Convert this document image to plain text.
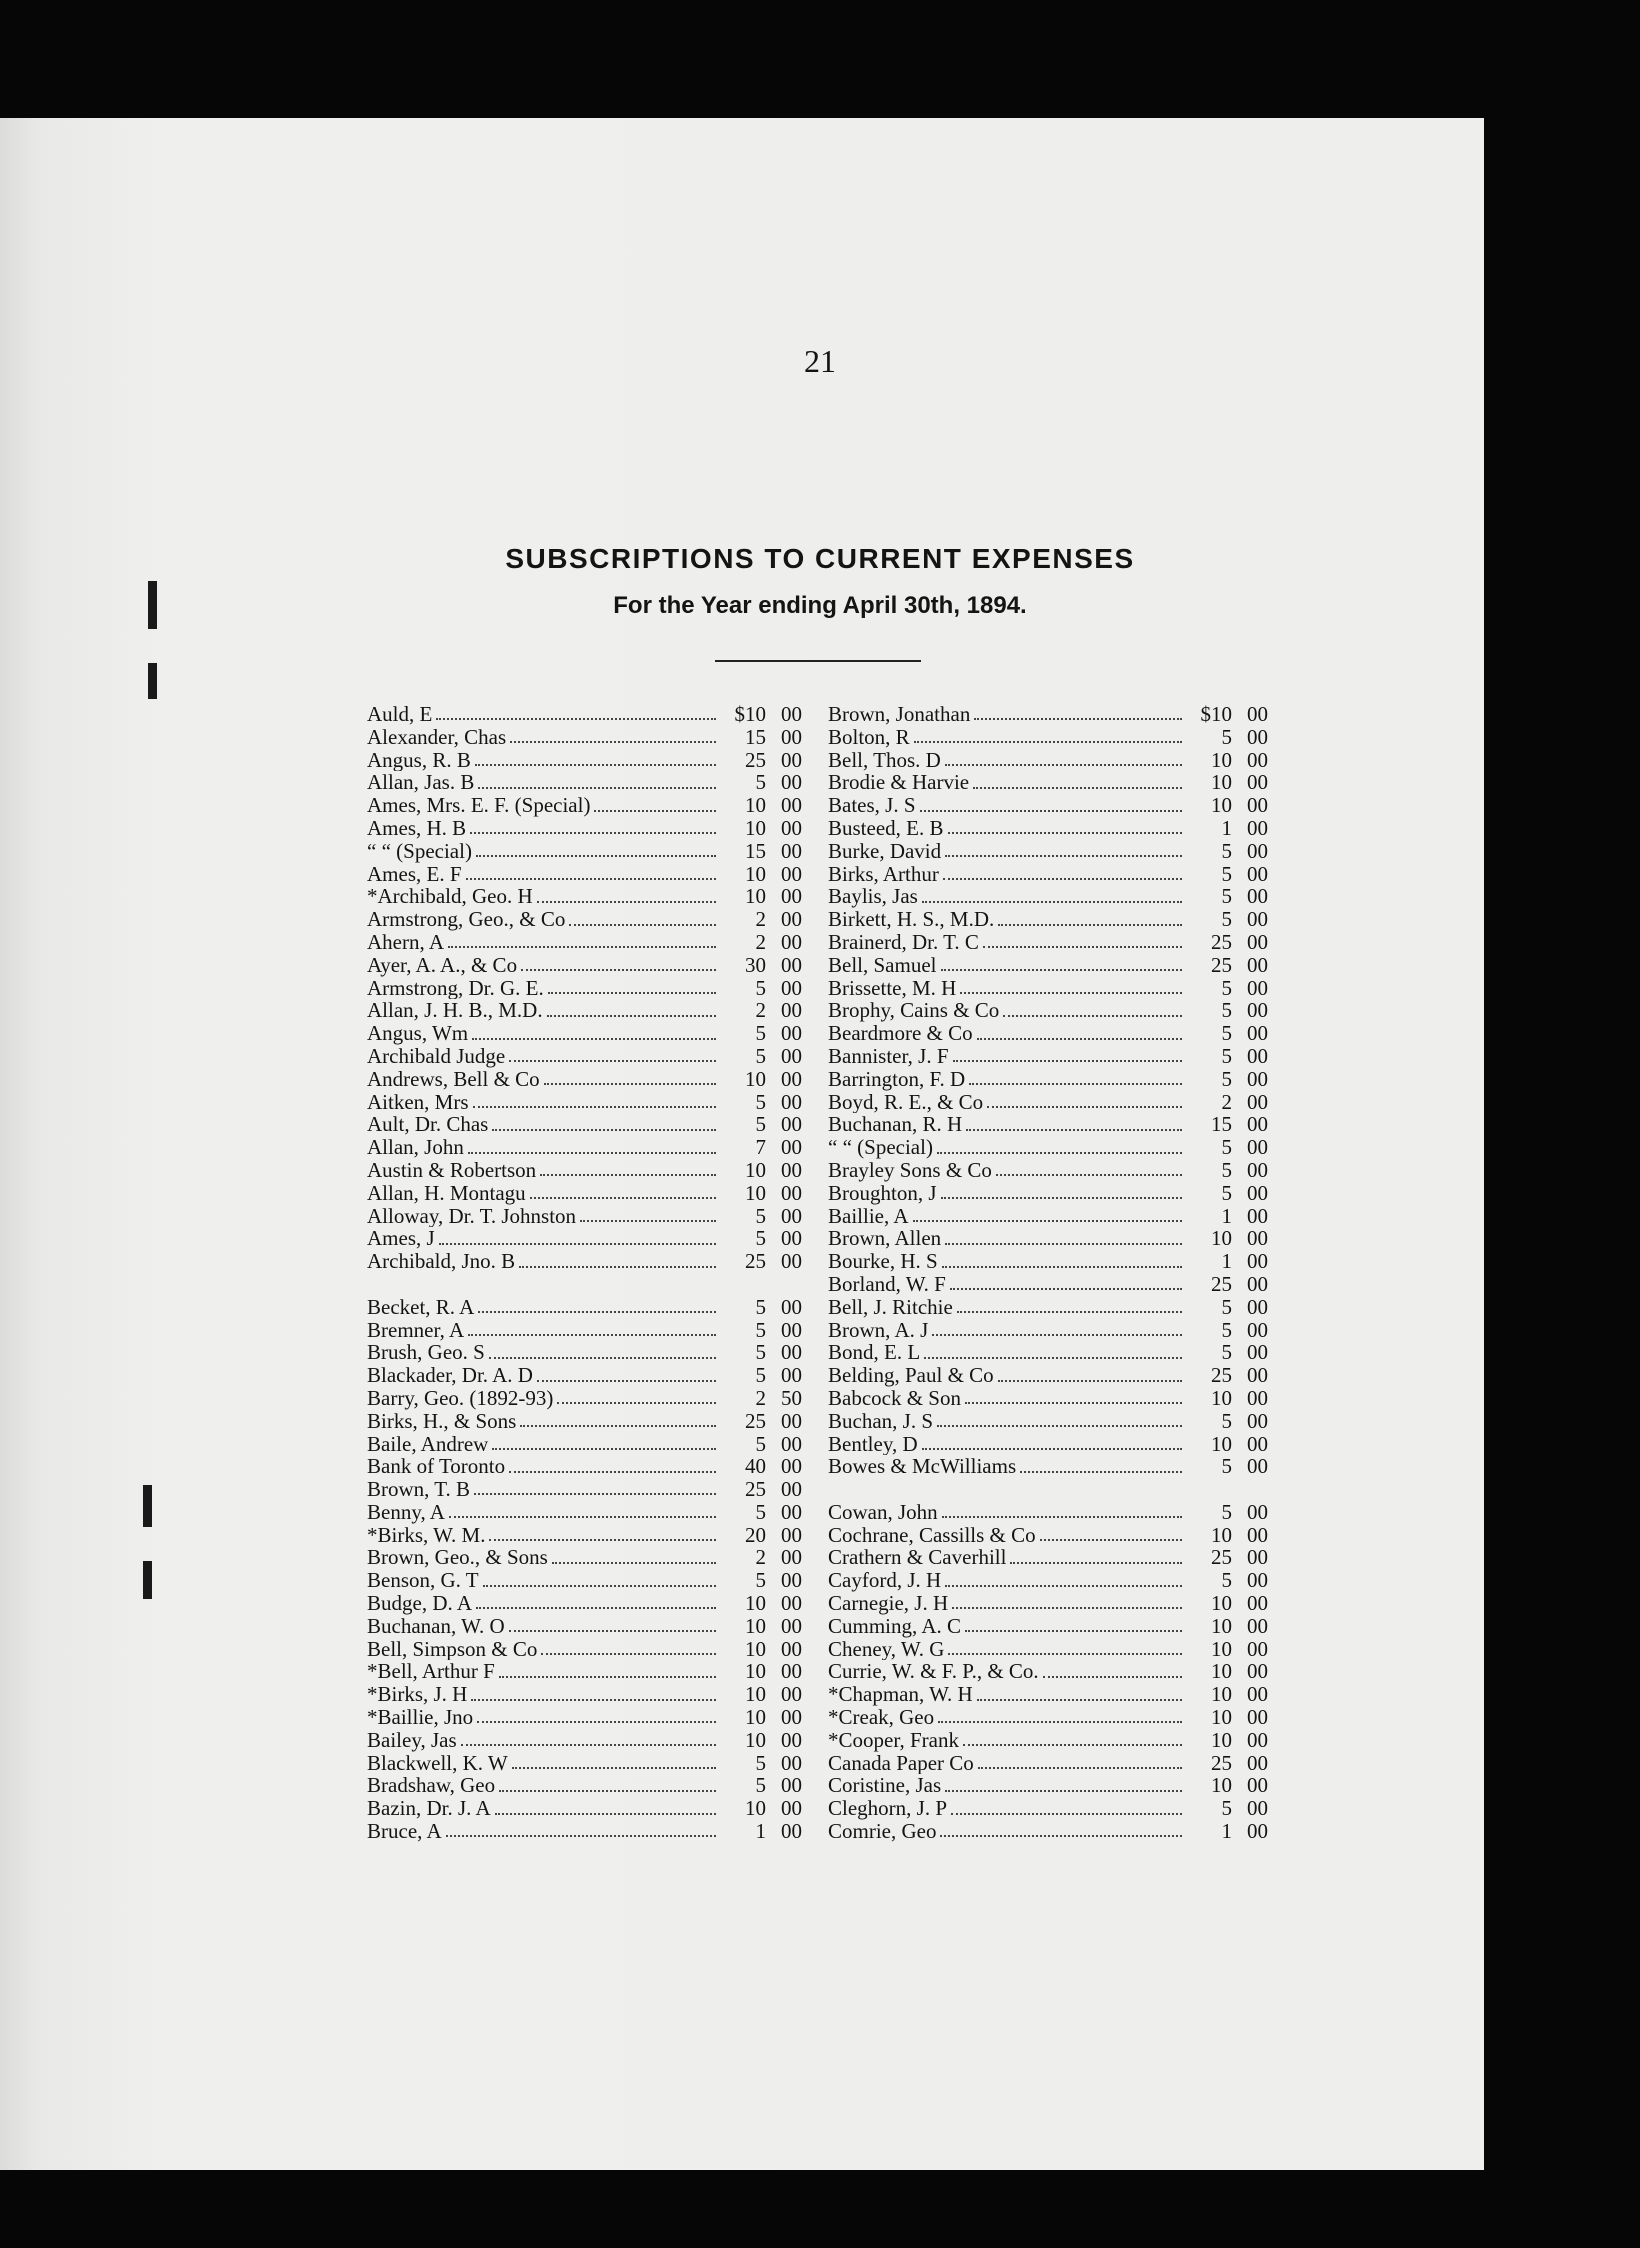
21
SUBSCRIPTIONS TO CURRENT EXPENSES
For the Year ending April 30th, 1894.
Auld, E	$10 00
Alexander, Chas	15 00
Angus, R. B	25 00
Allan, Jas. B	5 00
Ames, Mrs. E. F. (Special)	10 00
Ames, H. B	10 00
“ “ (Special)	15 00
Ames, E. F	10 00
*Archibald, Geo. H	10 00
Armstrong, Geo., & Co	2 00
Ahern, A	2 00
Ayer, A. A., & Co	30 00
Armstrong, Dr. G. E.	5 00
Allan, J. H. B., M.D.	2 00
Angus, Wm	5 00
Archibald Judge	5 00
Andrews, Bell & Co	10 00
Aitken, Mrs	5 00
Ault, Dr. Chas	5 00
Allan, John	7 00
Austin & Robertson	10 00
Allan, H. Montagu	10 00
Alloway, Dr. T. Johnston	5 00
Ames, J	5 00
Archibald, Jno. B	25 00
Becket, R. A	5 00
Bremner, A	5 00
Brush, Geo. S	5 00
Blackader, Dr. A. D	5 00
Barry, Geo. (1892-93)	2 50
Birks, H., & Sons	25 00
Baile, Andrew	5 00
Bank of Toronto	40 00
Brown, T. B	25 00
Benny, A	5 00
*Birks, W. M.	20 00
Brown, Geo., & Sons	2 00
Benson, G. T	5 00
Budge, D. A	10 00
Buchanan, W. O	10 00
Bell, Simpson & Co	10 00
*Bell, Arthur F	10 00
*Birks, J. H	10 00
*Baillie, Jno	10 00
Bailey, Jas	10 00
Blackwell, K. W	5 00
Bradshaw, Geo	5 00
Bazin, Dr. J. A	10 00
Bruce, A	1 00
Brown, Jonathan	$10 00
Bolton, R	5 00
Bell, Thos. D	10 00
Brodie & Harvie	10 00
Bates, J. S	10 00
Busteed, E. B	1 00
Burke, David	5 00
Birks, Arthur	5 00
Baylis, Jas	5 00
Birkett, H. S., M.D.	5 00
Brainerd, Dr. T. C	25 00
Bell, Samuel	25 00
Brissette, M. H	5 00
Brophy, Cains & Co	5 00
Beardmore & Co	5 00
Bannister, J. F	5 00
Barrington, F. D	5 00
Boyd, R. E., & Co	2 00
Buchanan, R. H	15 00
“ “ (Special)	5 00
Brayley Sons & Co	5 00
Broughton, J	5 00
Baillie, A	1 00
Brown, Allen	10 00
Bourke, H. S	1 00
Borland, W. F	25 00
Bell, J. Ritchie	5 00
Brown, A. J	5 00
Bond, E. L	5 00
Belding, Paul & Co	25 00
Babcock & Son	10 00
Buchan, J. S	5 00
Bentley, D	10 00
Bowes & McWilliams	5 00
Cowan, John	5 00
Cochrane, Cassills & Co	10 00
Crathern & Caverhill	25 00
Cayford, J. H	5 00
Carnegie, J. H	10 00
Cumming, A. C	10 00
Cheney, W. G	10 00
Currie, W. & F. P., & Co.	10 00
*Chapman, W. H	10 00
*Creak, Geo	10 00
*Cooper, Frank	10 00
Canada Paper Co	25 00
Coristine, Jas	10 00
Cleghorn, J. P	5 00
Comrie, Geo	1 00
